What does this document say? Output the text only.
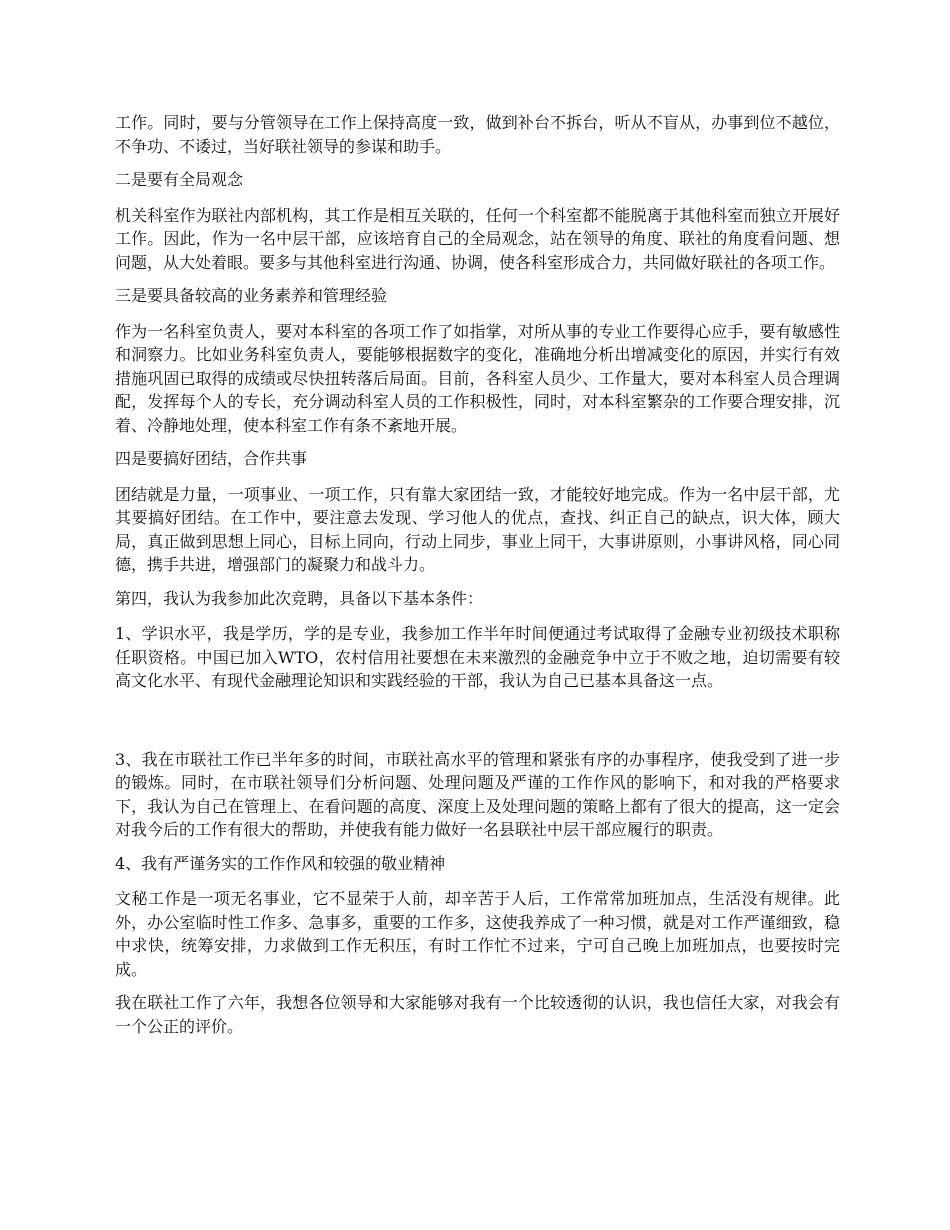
工作。同时，要与分管领导在工作上保持高度一致，做到补台不拆台，听从不盲从，办事到位不越位，不争功、不诿过，当好联社领导的参谋和助手。

二是要有全局观念

机关科室作为联社内部机构，其工作是相互关联的，任何一个科室都不能脱离于其他科室而独立开展好工作。因此，作为一名中层干部，应该培育自己的全局观念，站在领导的角度、联社的角度看问题、想问题，从大处着眼。要多与其他科室进行沟通、协调，使各科室形成合力，共同做好联社的各项工作。

三是要具备较高的业务素养和管理经验

作为一名科室负责人，要对本科室的各项工作了如指掌，对所从事的专业工作要得心应手，要有敏感性和洞察力。比如业务科室负责人，要能够根据数字的变化，准确地分析出增减变化的原因，并实行有效措施巩固已取得的成绩或尽快扭转落后局面。目前，各科室人员少、工作量大，要对本科室人员合理调配，发挥每个人的专长，充分调动科室人员的工作积极性，同时，对本科室繁杂的工作要合理安排，沉着、冷静地处理，使本科室工作有条不紊地开展。

四是要搞好团结，合作共事

团结就是力量，一项事业、一项工作，只有靠大家团结一致，才能较好地完成。作为一名中层干部，尤其要搞好团结。在工作中，要注意去发现、学习他人的优点，查找、纠正自己的缺点，识大体，顾大局，真正做到思想上同心，目标上同向，行动上同步，事业上同干，大事讲原则，小事讲风格，同心同德，携手共进，增强部门的凝聚力和战斗力。

第四，我认为我参加此次竞聘，具备以下基本条件：

1、学识水平，我是学历，学的是专业，我参加工作半年时间便通过考试取得了金融专业初级技术职称任职资格。中国已加入WTO，农村信用社要想在未来激烈的金融竞争中立于不败之地，迫切需要有较高文化水平、有现代金融理论知识和实践经验的干部，我认为自己已基本具备这一点。

3、我在市联社工作已半年多的时间，市联社高水平的管理和紧张有序的办事程序，使我受到了进一步的锻炼。同时，在市联社领导们分析问题、处理问题及严谨的工作作风的影响下，和对我的严格要求下，我认为自己在管理上、在看问题的高度、深度上及处理问题的策略上都有了很大的提高，这一定会对我今后的工作有很大的帮助，并使我有能力做好一名县联社中层干部应履行的职责。

4、我有严谨务实的工作作风和较强的敬业精神

文秘工作是一项无名事业，它不显荣于人前，却辛苦于人后，工作常常加班加点，生活没有规律。此外，办公室临时性工作多、急事多，重要的工作多，这使我养成了一种习惯，就是对工作严谨细致，稳中求快，统筹安排，力求做到工作无积压，有时工作忙不过来，宁可自己晚上加班加点，也要按时完成。

我在联社工作了六年，我想各位领导和大家能够对我有一个比较透彻的认识，我也信任大家，对我会有一个公正的评价。
